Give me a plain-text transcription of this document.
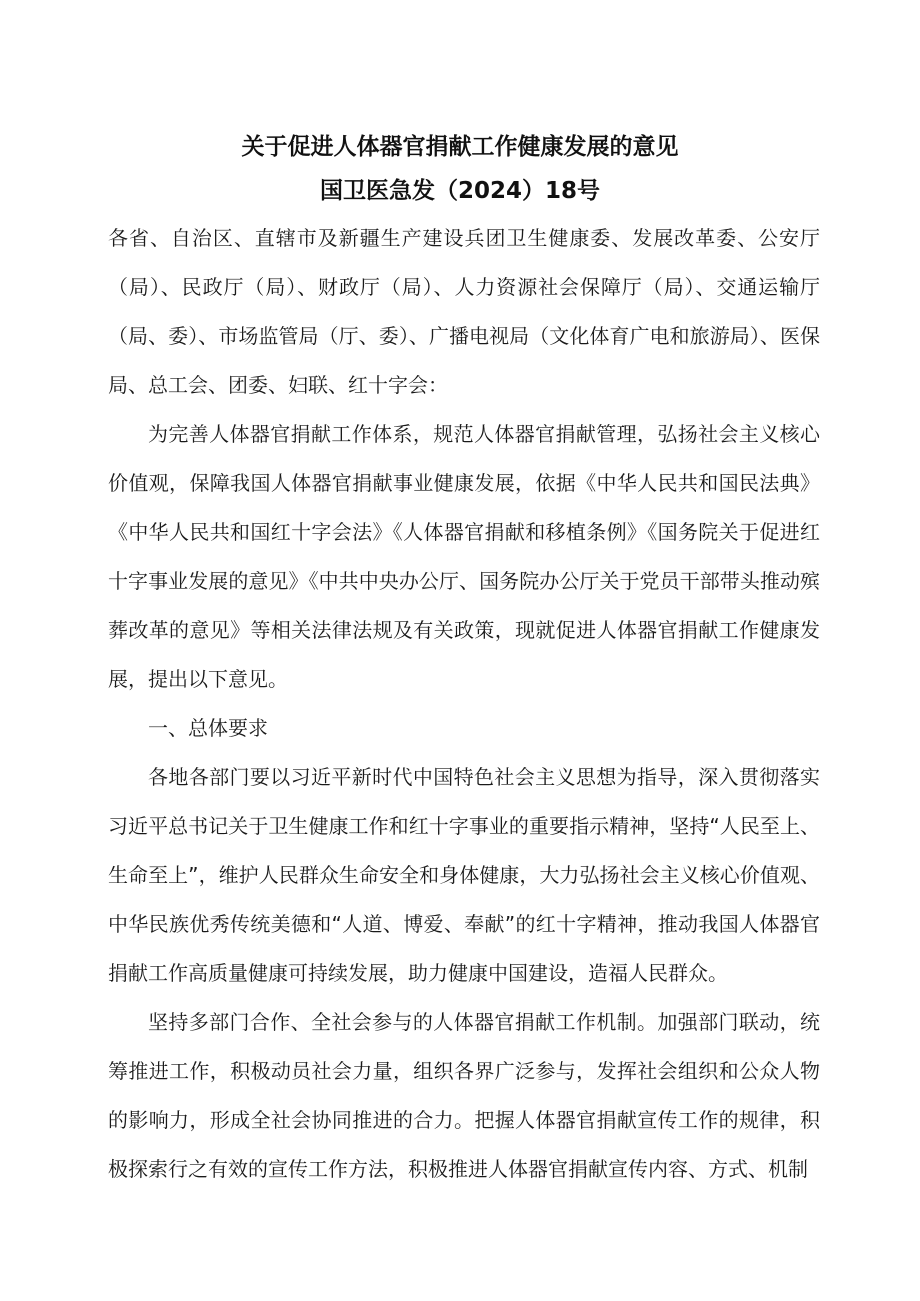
关于促进人体器官捐献工作健康发展的意见
国卫医急发（2024）18号

各省、自治区、直辖市及新疆生产建设兵团卫生健康委、发展改革委、公安厅（局）、民政厅（局）、财政厅（局）、人力资源社会保障厅（局）、交通运输厅（局、委）、市场监管局（厅、委）、广播电视局（文化体育广电和旅游局）、医保局、总工会、团委、妇联、红十字会：

为完善人体器官捐献工作体系，规范人体器官捐献管理，弘扬社会主义核心价值观，保障我国人体器官捐献事业健康发展，依据《中华人民共和国民法典》《中华人民共和国红十字会法》《人体器官捐献和移植条例》《国务院关于促进红十字事业发展的意见》《中共中央办公厅、国务院办公厅关于党员干部带头推动殡葬改革的意见》等相关法律法规及有关政策，现就促进人体器官捐献工作健康发展，提出以下意见。

一、总体要求

各地各部门要以习近平新时代中国特色社会主义思想为指导，深入贯彻落实习近平总书记关于卫生健康工作和红十字事业的重要指示精神，坚持“人民至上、生命至上”，维护人民群众生命安全和身体健康，大力弘扬社会主义核心价值观、中华民族优秀传统美德和“人道、博爱、奉献”的红十字精神，推动我国人体器官捐献工作高质量健康可持续发展，助力健康中国建设，造福人民群众。

坚持多部门合作、全社会参与的人体器官捐献工作机制。加强部门联动，统筹推进工作，积极动员社会力量，组织各界广泛参与，发挥社会组织和公众人物的影响力，形成全社会协同推进的合力。把握人体器官捐献宣传工作的规律，积极探索行之有效的宣传工作方法，积极推进人体器官捐献宣传内容、方式、机制
